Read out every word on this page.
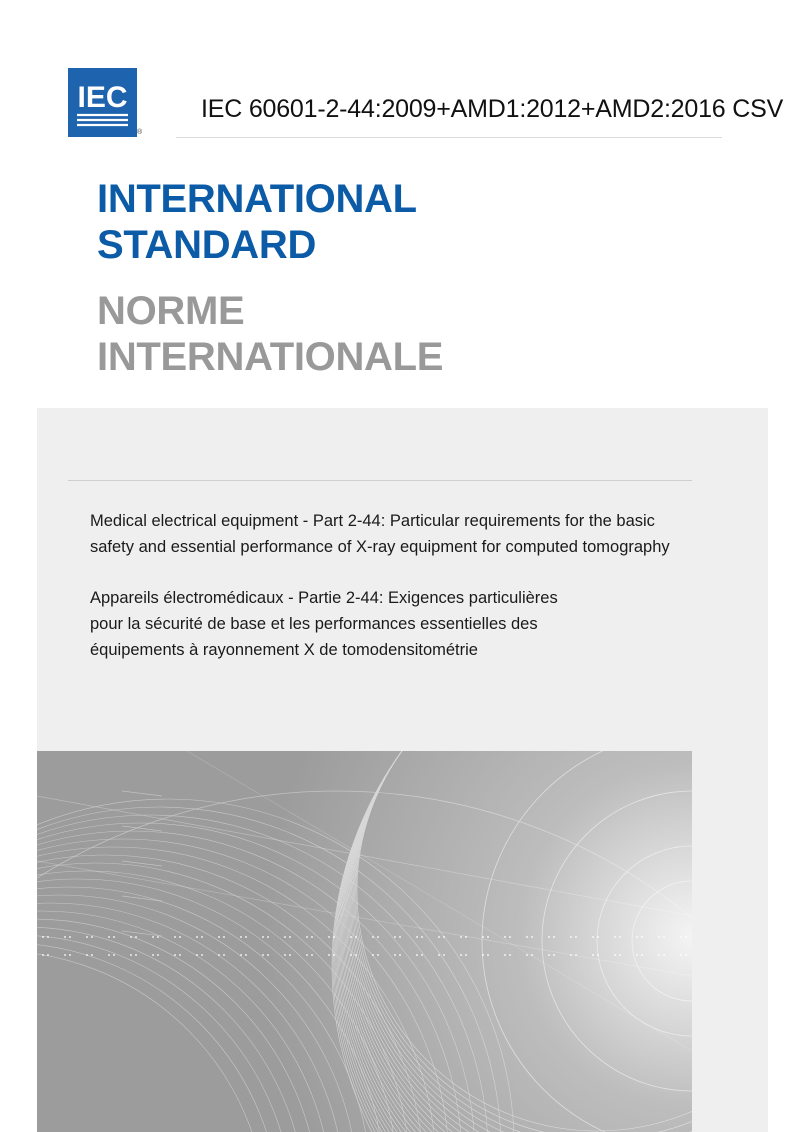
IEC
®
IEC 60601-2-44:2009+AMD1:2012+AMD2:2016 CSV
INTERNATIONAL
STANDARD
NORME
INTERNATIONALE

Medical electrical equipment - Part 2-44: Particular requirements for the basic
safety and essential performance of X-ray equipment for computed tomography

Appareils électromédicaux - Partie 2-44: Exigences particulières
pour la sécurité de base et les performances essentielles des
équipements à rayonnement X de tomodensitométrie
